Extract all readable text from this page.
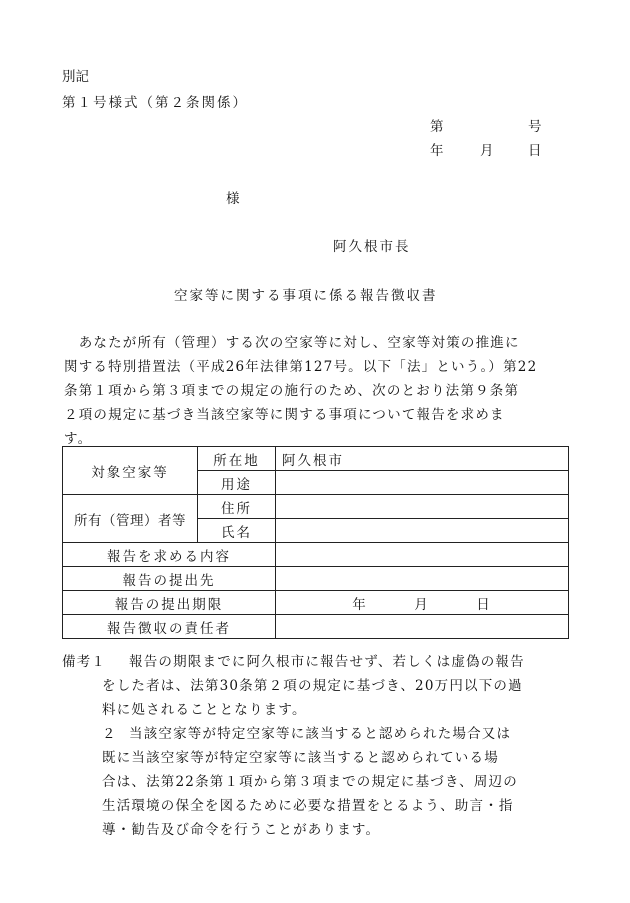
別記
第１号様式（第２条関係）
第	号
年	月	日
様
阿久根市長
空家等に関する事項に係る報告徴収書
　あなたが所有（管理）する次の空家等に対し、空家等対策の推進に
関する特別措置法（平成26年法律第127号。以下「法」という。）第22
条第１項から第３項までの規定の施行のため、次のとおり法第９条第
２項の規定に基づき当該空家等に関する事項について報告を求めま
す。
対象空家等	所在地	阿久根市
	用途	
所有（管理）者等	住所	
	氏名	
報告を求める内容		
報告の提出先		
報告の提出期限		年　　　月　　　日
報告徴収の責任者		
備考１ 報告の期限までに阿久根市に報告せず、若しくは虚偽の報告
をした者は、法第30条第２項の規定に基づき、20万円以下の過
料に処されることとなります。
２ 当該空家等が特定空家等に該当すると認められた場合又は
既に当該空家等が特定空家等に該当すると認められている場
合は、法第22条第１項から第３項までの規定に基づき、周辺の
生活環境の保全を図るために必要な措置をとるよう、助言・指
導・勧告及び命令を行うことがあります。
